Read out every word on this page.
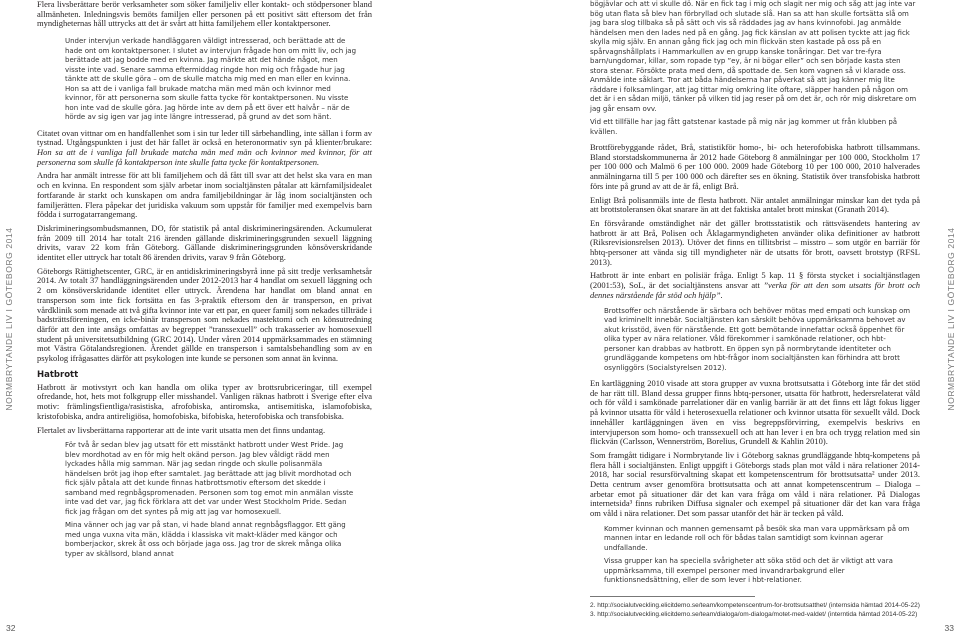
NORMBRYTANDE LIV I GÖTEBORG 2014
32

Flera livsberättare berör verksamheter som söker familjeliv eller kontakt- och stödpersoner bland allmänheten. Inledningsvis bemöts familjen eller personen på ett positivt sätt eftersom det från myndigheternas håll uttrycks att det är svårt att hitta familjehem eller kontaktpersoner.

Under intervjun verkade handläggaren väldigt intresserad, och berättade att de hade ont om kontaktpersoner. I slutet av intervjun frågade hon om mitt liv, och jag berättade att jag bodde med en kvinna. Jag märkte att det hände något, men visste inte vad. Senare samma eftermiddag ringde hon mig och frågade hur jag tänkte att de skulle göra – om de skulle matcha mig med en man eller en kvinna. Hon sa att de i vanliga fall brukade matcha män med män och kvinnor med kvinnor, för att personerna som skulle fatta tycke för kontaktpersonen. Nu visste hon inte vad de skulle göra. Jag hörde inte av dem på ett över ett halvår – när de hörde av sig igen var jag inte längre intresserad, på grund av det som hänt.

Citatet ovan vittnar om en handfallenhet som i sin tur leder till särbehandling, inte sällan i form av tystnad. Utgångspunkten i just det här fallet är också en heteronormativ syn på klienter/brukare: Hon sa att de i vanliga fall brukade matcha män med män och kvinnor med kvinnor, för att personerna som skulle få kontaktperson inte skulle fatta tycke för kontaktpersonen.

Andra har anmält intresse för att bli familjehem och då fått till svar att det helst ska vara en man och en kvinna. En respondent som själv arbetar inom socialtjänsten påtalar att kärnfamiljsidealet fortfarande är starkt och kunskapen om andra familjebildningar är låg inom socialtjänsten och familjerätten. Flera påpekar det juridiska vakuum som uppstår för familjer med exempelvis barn födda i surrogatarrangemang.

Diskrimineringsombudsmannen, DO, för statistik på antal diskrimineringsärenden. Ackumulerat från 2009 till 2014 har totalt 216 ärenden gällande diskrimineringsgrunden sexuell läggning drivits, varav 22 kom från Göteborg. Gällande diskrimineringsgrunden könsöverskridande identitet eller uttryck har totalt 86 ärenden drivits, varav 9 från Göteborg.

Göteborgs Rättighetscenter, GRC, är en antidiskrimineringsbyrå inne på sitt tredje verksamhetsår 2014. Av totalt 37 handläggningsärenden under 2012-2013 har 4 handlat om sexuell läggning och 2 om könsöverskridande identitet eller uttryck. Ärendena har handlat om bland annat en transperson som inte fick fortsätta en fas 3-praktik eftersom den är transperson, en privat vårdklinik som menade att två gifta kvinnor inte var ett par, en queer familj som nekades tillträde i badsträttsföreningen, en icke-binär transperson som nekades mastektomi och en könsutredning därför att den inte ansågs omfattas av begreppet ”transsexuell” och trakasserier av homosexuell student på universitetsutbildning (GRC 2014). Under våren 2014 uppmärksammades en stämning mot Västra Götalandsregionen. Ärendet gällde en transperson i samtalsbehandling som av en psykolog ifrågasattes därför att psykologen inte kunde se personen som annat än kvinna.

Hatbrott

Hatbrott är motivstyrt och kan handla om olika typer av brottsrubriceringar, till exempel ofredande, hot, hets mot folkgrupp eller misshandel. Vanligen räknas hatbrott i Sverige efter elva motiv: främlingsfientliga/rasistiska, afrofobiska, antiromska, antisemitiska, islamofobiska, kristofobiska, andra antireligiösa, homofobiska, bifobiska, heterofobiska och transfobiska.

Flertalet av livsberättarna rapporterar att de inte varit utsatta men det finns undantag.

För två år sedan blev jag utsatt för ett misstänkt hatbrott under West Pride. Jag blev mordhotad av en för mig helt okänd person. Jag blev våldigt rädd men lyckades hålla mig samman. När jag sedan ringde och skulle polisanmäla händelsen bröt jag ihop efter samtalet. Jag berättade att jag blivit mordhotad och fick själv påtala att det kunde finnas hatbrottsmotiv eftersom det skedde i samband med regnbågspromenaden. Personen som tog emot min anmälan visste inte vad det var, jag fick förklara att det var under West Stockholm Pride. Sedan fick jag frågan om det syntes på mig att jag var homosexuell.

Mina vänner och jag var på stan, vi hade bland annat regnbågsflaggor. Ett gäng med unga vuxna vita män, klädda i klassiska vit makt-kläder med kängor och bomberjackor, skrek åt oss och började jaga oss. Jag tror de skrek många olika typer av skällsord, bland annat

bögjävlar och att vi skulle dö. När en fick tag i mig och slagit ner mig och såg att jag inte var bög utan flata så blev han förbryllad och slutade slå. Han sa att han skulle fortsätta slå om jag bara slog tillbaka så på sätt och vis så räddades jag av hans kvinnofobi. Jag anmälde händelsen men den lades ned på en gång. Jag fick känslan av att polisen tyckte att jag fick skylla mig själv. En annan gång fick jag och min flickvän sten kastade på oss på en spårvagnshållplats i Hammarkullen av en grupp kanske tonåringar. Det var tre-fyra barn/ungdomar, killar, som ropade typ ”ey, är ni bögar eller” och sen började kasta sten stora stenar. Försökte prata med dem, då spottade de. Sen kom vagnen så vi klarade oss. Anmälde inte såklart. Tror att båda händelserna har påverkat så att jag känner mig lite räddare i folksamlingar, att jag tittar mig omkring lite oftare, släpper handen på någon om det är i en sådan miljö, tänker på vilken tid jag reser på om det är, och rör mig diskretare om jag går ensam ovv.

Vid ett tillfälle har jag fått gatstenar kastade på mig när jag kommer ut från klubben på kvällen.

Brottförebyggande rådet, Brå, statistikför homo-, bi- och heterofobiska hatbrott tillsammans. Bland storstadskommunerna år 2012 hade Göteborg 8 anmälningar per 100 000, Stockholm 17 per 100 000 och Malmö 6 per 100 000. 2009 hade Göteborg 10 per 100 000, 2010 halverades anmälningarna till 5 per 100 000 och därefter ses en ökning. Statistik över transfobiska hatbrott förs inte på grund av att de är få, enligt Brå.

Enligt Brå polisanmäls inte de flesta hatbrott. När antalet anmälningar minskar kan det tyda på att brottstoleransen ökat snarare än att det faktiska antalet brott minskat (Granath 2014).

En försvårande omständighet när det gäller brottsstatistik och rättsväsendets hantering av hatbrott är att Brå, Polisen och Åklagarmyndigheten använder olika definitioner av hatbrott (Riksrevisionsrelsen 2013). Utöver det finns en tillitsbrist – misstro – som utgör en barriär för hbtq-personer att vända sig till myndigheter när de utsatts för brott, oavsett brotstyp (RFSL 2013).

Hatbrott är inte enbart en polisiär fråga. Enligt 5 kap. 11 § första stycket i socialtjänstlagen (2001:53), SoL, är det socialtjänstens ansvar att ”verka för att den som utsatts för brott och dennes närstående får stöd och hjälp”.

Brottsoffer och närstående är särbara och behöver mötas med empati och kunskap om vad kriminellt innebär. Socialtjänsten kan särskilt behöva uppmärksamma behovet av akut krisstöd, även för närstående. Ett gott bemötande innefattar också öppenhet för olika typer av nära relationer. Våld förekommer i samkönade relationer, och hbt-personer kan drabbas av hatbrott. En öppen syn på normbrytande identiteter och grundläggande kompetens om hbt-frågor inom socialtjänsten kan förhindra att brott osynliggörs (Socialstyrelsen 2012).

En kartläggning 2010 visade att stora grupper av vuxna brottsutsatta i Göteborg inte får det stöd de har rätt till. Bland dessa grupper finns hbtq-personer, utsatta för hatbrott, hedersrelaterat våld och för våld i samkönade parrelationer där en vanlig barriär är att det finns ett lågt fokus ligger på kvinnor utsatta för våld i heterosexuella relationer och kvinnor utsatta för sexuellt våld. Dock innehåller kartläggningen även en viss begreppsförvirring, exempelvis beskrivs en intervjuperson som homo- och transsexuell och att han lever i en bra och trygg relation med sin flickvän (Carlsson, Wennerström, Borelius, Grundell & Kahlin 2010).

Som framgått tidigare i Normbrytande liv i Göteborg saknas grundläggande hbtq-kompetens på flera håll i socialtjänsten. Enligt uppgift i Göteborgs stads plan mot våld i nära relationer 2014-2018, har social resursförvaltning skapat ett kompetenscentrum för brottsutsatta² under 2013. Detta centrum avser genomföra brottsutsatta och att annat kompetenscentrum – Dialoga – arbetar emot på situationer där det kan vara fråga om våld i nära relationer. På Dialogas internetsida³ finns rubriken Diffusa signaler och exempel på situationer där det kan vara fråga om våld i nära relationer. Det som passar utanför det här är tecken på våld.

Kommer kvinnan och mannen gemensamt på besök ska man vara uppmärksam på om mannen intar en ledande roll och för bådas talan samtidigt som kvinnan agerar undfallande.

Vissa grupper kan ha speciella svårigheter att söka stöd och det är viktigt att vara uppmärksamma, till exempel personer med invandrarbakgrund eller funktionsnedsättning, eller de som lever i hbt-relationer.

2. http://socialutveckling.elicitdemo.se/team/kompetenscentrum-for-brottsutsatthet/ (internsida hämtad 2014-05-22)

3. http://socialutveckling.elicitdemo.se/team/dialoga/om-dialoga/motet-med-valdet/ (interntida hämtad 2014-05-22)

NORMBRYTANDE LIV I GÖTEBORG 2014
33
